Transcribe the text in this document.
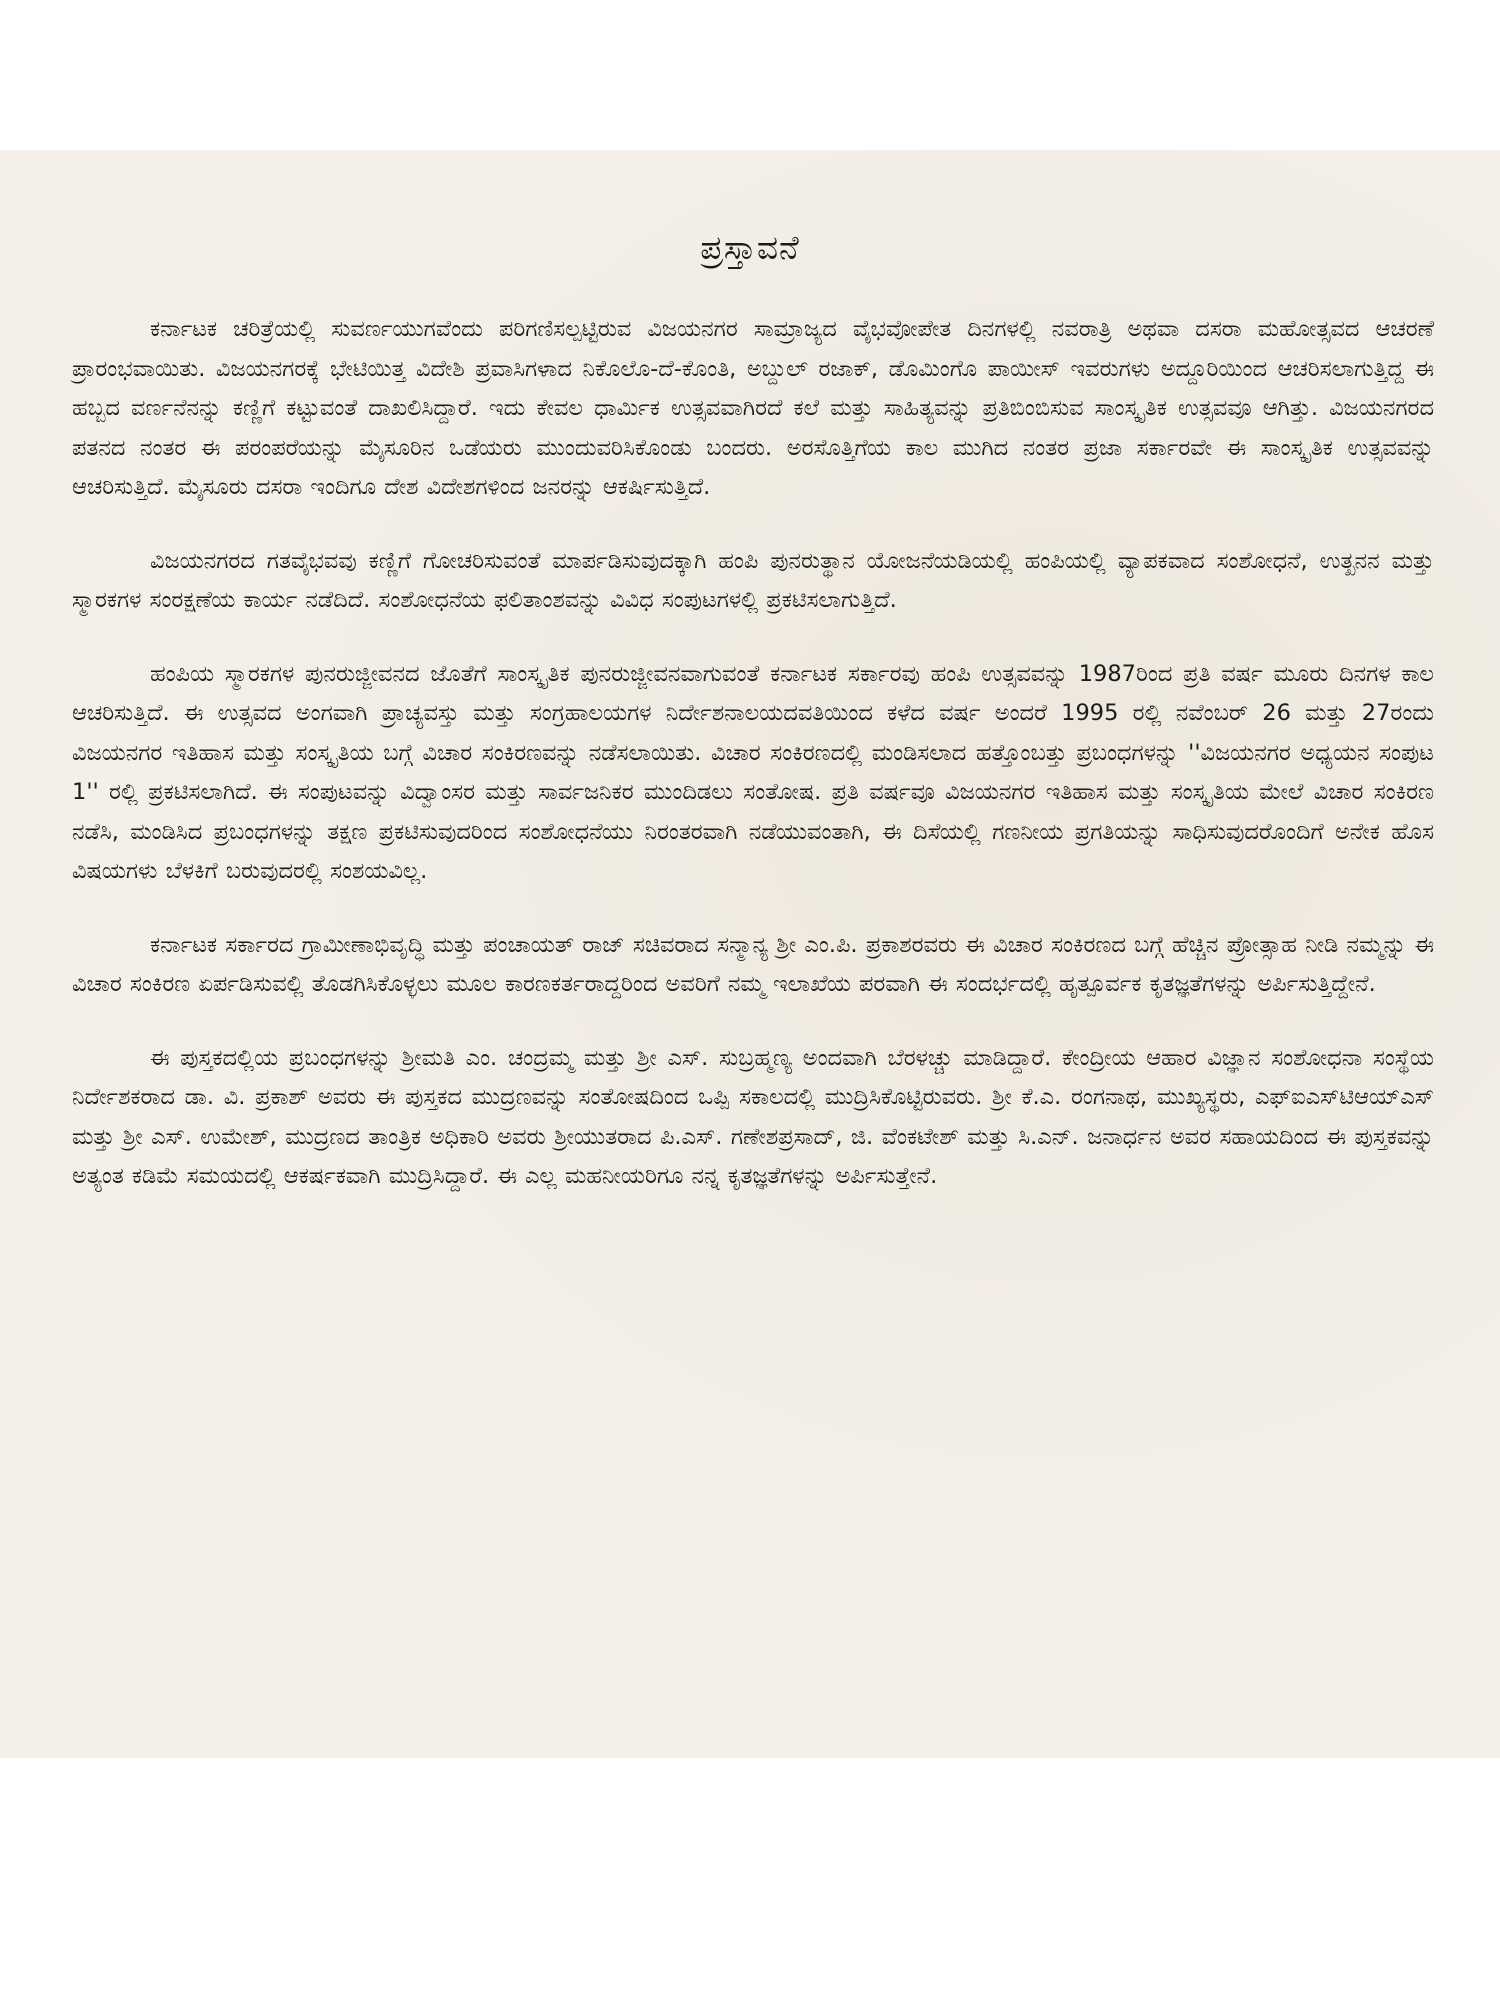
ಪ್ರಸ್ತಾವನೆ

ಕರ್ನಾಟಕ ಚರಿತ್ರೆಯಲ್ಲಿ ಸುವರ್ಣಯುಗವೆಂದು ಪರಿಗಣಿಸಲ್ಪಟ್ಟಿರುವ ವಿಜಯನಗರ ಸಾಮ್ರಾಜ್ಯದ ವೈಭವೋಪೇತ ದಿನಗಳಲ್ಲಿ ನವರಾತ್ರಿ ಅಥವಾ ದಸರಾ ಮಹೋತ್ಸವದ ಆಚರಣೆ ಪ್ರಾರಂಭವಾಯಿತು. ವಿಜಯನಗರಕ್ಕೆ ಭೇಟಿಯಿತ್ತ ವಿದೇಶಿ ಪ್ರವಾಸಿಗಳಾದ ನಿಕೊಲೊ-ದೆ-ಕೊಂತಿ, ಅಬ್ದುಲ್ ರಜಾಕ್, ಡೊಮಿಂಗೊ ಪಾಯೀಸ್ ಇವರುಗಳು ಅದ್ದೂರಿಯಿಂದ ಆಚರಿಸಲಾಗುತ್ತಿದ್ದ ಈ ಹಬ್ಬದ ವರ್ಣನೆನನ್ನು ಕಣ್ಣಿಗೆ ಕಟ್ಟುವಂತೆ ದಾಖಲಿಸಿದ್ದಾರೆ. ಇದು ಕೇವಲ ಧಾರ್ಮಿಕ ಉತ್ಸವವಾಗಿರದೆ ಕಲೆ ಮತ್ತು ಸಾಹಿತ್ಯವನ್ನು ಪ್ರತಿಬಿಂಬಿಸುವ ಸಾಂಸ್ಕೃತಿಕ ಉತ್ಸವವೂ ಆಗಿತ್ತು. ವಿಜಯನಗರದ ಪತನದ ನಂತರ ಈ ಪರಂಪರೆಯನ್ನು ಮೈಸೂರಿನ ಒಡೆಯರು ಮುಂದುವರಿಸಿಕೊಂಡು ಬಂದರು. ಅರಸೊತ್ತಿಗೆಯ ಕಾಲ ಮುಗಿದ ನಂತರ ಪ್ರಜಾ ಸರ್ಕಾರವೇ ಈ ಸಾಂಸ್ಕೃತಿಕ ಉತ್ಸವವನ್ನು ಆಚರಿಸುತ್ತಿದೆ. ಮೈಸೂರು ದಸರಾ ಇಂದಿಗೂ ದೇಶ ವಿದೇಶಗಳಿಂದ ಜನರನ್ನು ಆಕರ್ಷಿಸುತ್ತಿದೆ.

ವಿಜಯನಗರದ ಗತವೈಭವವು ಕಣ್ಣಿಗೆ ಗೋಚರಿಸುವಂತೆ ಮಾರ್ಪಡಿಸುವುದಕ್ಕಾಗಿ ಹಂಪಿ ಪುನರುತ್ಥಾನ ಯೋಜನೆಯಡಿಯಲ್ಲಿ ಹಂಪಿಯಲ್ಲಿ ವ್ಯಾಪಕವಾದ ಸಂಶೋಧನೆ, ಉತ್ಖನನ ಮತ್ತು ಸ್ಮಾರಕಗಳ ಸಂರಕ್ಷಣೆಯ ಕಾರ್ಯ ನಡೆದಿದೆ. ಸಂಶೋಧನೆಯ ಫಲಿತಾಂಶವನ್ನು ವಿವಿಧ ಸಂಪುಟಗಳಲ್ಲಿ ಪ್ರಕಟಿಸಲಾಗುತ್ತಿದೆ.

ಹಂಪಿಯ ಸ್ಮಾರಕಗಳ ಪುನರುಜ್ಜೀವನದ ಜೊತೆಗೆ ಸಾಂಸ್ಕೃತಿಕ ಪುನರುಜ್ಜೀವನವಾಗುವಂತೆ ಕರ್ನಾಟಕ ಸರ್ಕಾರವು ಹಂಪಿ ಉತ್ಸವವನ್ನು 1987ರಿಂದ ಪ್ರತಿ ವರ್ಷ ಮೂರು ದಿನಗಳ ಕಾಲ ಆಚರಿಸುತ್ತಿದೆ. ಈ ಉತ್ಸವದ ಅಂಗವಾಗಿ ಪ್ರಾಚ್ಯವಸ್ತು ಮತ್ತು ಸಂಗ್ರಹಾಲಯಗಳ ನಿರ್ದೇಶನಾಲಯದವತಿಯಿಂದ ಕಳೆದ ವರ್ಷ ಅಂದರೆ 1995 ರಲ್ಲಿ ನವೆಂಬರ್ 26 ಮತ್ತು 27ರಂದು ವಿಜಯನಗರ ಇತಿಹಾಸ ಮತ್ತು ಸಂಸ್ಕೃತಿಯ ಬಗ್ಗೆ ವಿಚಾರ ಸಂಕಿರಣವನ್ನು ನಡೆಸಲಾಯಿತು. ವಿಚಾರ ಸಂಕಿರಣದಲ್ಲಿ ಮಂಡಿಸಲಾದ ಹತ್ತೊಂಬತ್ತು ಪ್ರಬಂಧಗಳನ್ನು ''ವಿಜಯನಗರ ಅಧ್ಯಯನ ಸಂಪುಟ 1'' ರಲ್ಲಿ ಪ್ರಕಟಿಸಲಾಗಿದೆ. ಈ ಸಂಪುಟವನ್ನು ವಿದ್ವಾಂಸರ ಮತ್ತು ಸಾರ್ವಜನಿಕರ ಮುಂದಿಡಲು ಸಂತೋಷ. ಪ್ರತಿ ವರ್ಷವೂ ವಿಜಯನಗರ ಇತಿಹಾಸ ಮತ್ತು ಸಂಸ್ಕೃತಿಯ ಮೇಲೆ ವಿಚಾರ ಸಂಕಿರಣ ನಡೆಸಿ, ಮಂಡಿಸಿದ ಪ್ರಬಂಧಗಳನ್ನು ತಕ್ಷಣ ಪ್ರಕಟಿಸುವುದರಿಂದ ಸಂಶೋಧನೆಯು ನಿರಂತರವಾಗಿ ನಡೆಯುವಂತಾಗಿ, ಈ ದಿಸೆಯಲ್ಲಿ ಗಣನೀಯ ಪ್ರಗತಿಯನ್ನು ಸಾಧಿಸುವುದರೊಂದಿಗೆ ಅನೇಕ ಹೊಸ ವಿಷಯಗಳು ಬೆಳಕಿಗೆ ಬರುವುದರಲ್ಲಿ ಸಂಶಯವಿಲ್ಲ.

ಕರ್ನಾಟಕ ಸರ್ಕಾರದ ಗ್ರಾಮೀಣಾಭಿವೃದ್ಧಿ ಮತ್ತು ಪಂಚಾಯತ್ ರಾಜ್ ಸಚಿವರಾದ ಸನ್ಮಾನ್ಯ ಶ್ರೀ ಎಂ.ಪಿ. ಪ್ರಕಾಶರವರು ಈ ವಿಚಾರ ಸಂಕಿರಣದ ಬಗ್ಗೆ ಹೆಚ್ಚಿನ ಪ್ರೋತ್ಸಾಹ ನೀಡಿ ನಮ್ಮನ್ನು ಈ ವಿಚಾರ ಸಂಕಿರಣ ಏರ್ಪಡಿಸುವಲ್ಲಿ ತೊಡಗಿಸಿಕೊಳ್ಳಲು ಮೂಲ ಕಾರಣಕರ್ತರಾದ್ದರಿಂದ ಅವರಿಗೆ ನಮ್ಮ ಇಲಾಖೆಯ ಪರವಾಗಿ ಈ ಸಂದರ್ಭದಲ್ಲಿ ಹೃತ್ಪೂರ್ವಕ ಕೃತಜ್ಞತೆಗಳನ್ನು ಅರ್ಪಿಸುತ್ತಿದ್ದೇನೆ.

ಈ ಪುಸ್ತಕದಲ್ಲಿಯ ಪ್ರಬಂಧಗಳನ್ನು ಶ್ರೀಮತಿ ಎಂ. ಚಂದ್ರಮ್ಮ ಮತ್ತು ಶ್ರೀ ಎಸ್. ಸುಬ್ರಹ್ಮಣ್ಯ ಅಂದವಾಗಿ ಬೆರಳಚ್ಚು ಮಾಡಿದ್ದಾರೆ. ಕೇಂದ್ರೀಯ ಆಹಾರ ವಿಜ್ಞಾನ ಸಂಶೋಧನಾ ಸಂಸ್ಥೆಯ ನಿರ್ದೇಶಕರಾದ ಡಾ. ವಿ. ಪ್ರಕಾಶ್ ಅವರು ಈ ಪುಸ್ತಕದ ಮುದ್ರಣವನ್ನು ಸಂತೋಷದಿಂದ ಒಪ್ಪಿ ಸಕಾಲದಲ್ಲಿ ಮುದ್ರಿಸಿಕೊಟ್ಟಿರುವರು. ಶ್ರೀ ಕೆ.ಎ. ರಂಗನಾಥ, ಮುಖ್ಯಸ್ಥರು, ಎಫ್‌ಐಎಸ್‌ಟಿಆಯ್‌ಎಸ್ ಮತ್ತು ಶ್ರೀ ಎಸ್. ಉಮೇಶ್, ಮುದ್ರಣದ ತಾಂತ್ರಿಕ ಅಧಿಕಾರಿ ಅವರು ಶ್ರೀಯುತರಾದ ಪಿ.ಎಸ್. ಗಣೇಶಪ್ರಸಾದ್, ಜಿ. ವೆಂಕಟೇಶ್ ಮತ್ತು ಸಿ.ಎನ್. ಜನಾರ್ಧನ ಅವರ ಸಹಾಯದಿಂದ ಈ ಪುಸ್ತಕವನ್ನು ಅತ್ಯಂತ ಕಡಿಮೆ ಸಮಯದಲ್ಲಿ ಆಕರ್ಷಕವಾಗಿ ಮುದ್ರಿಸಿದ್ದಾರೆ. ಈ ಎಲ್ಲ ಮಹನೀಯರಿಗೂ ನನ್ನ ಕೃತಜ್ಞತೆಗಳನ್ನು ಅರ್ಪಿಸುತ್ತೇನೆ.
